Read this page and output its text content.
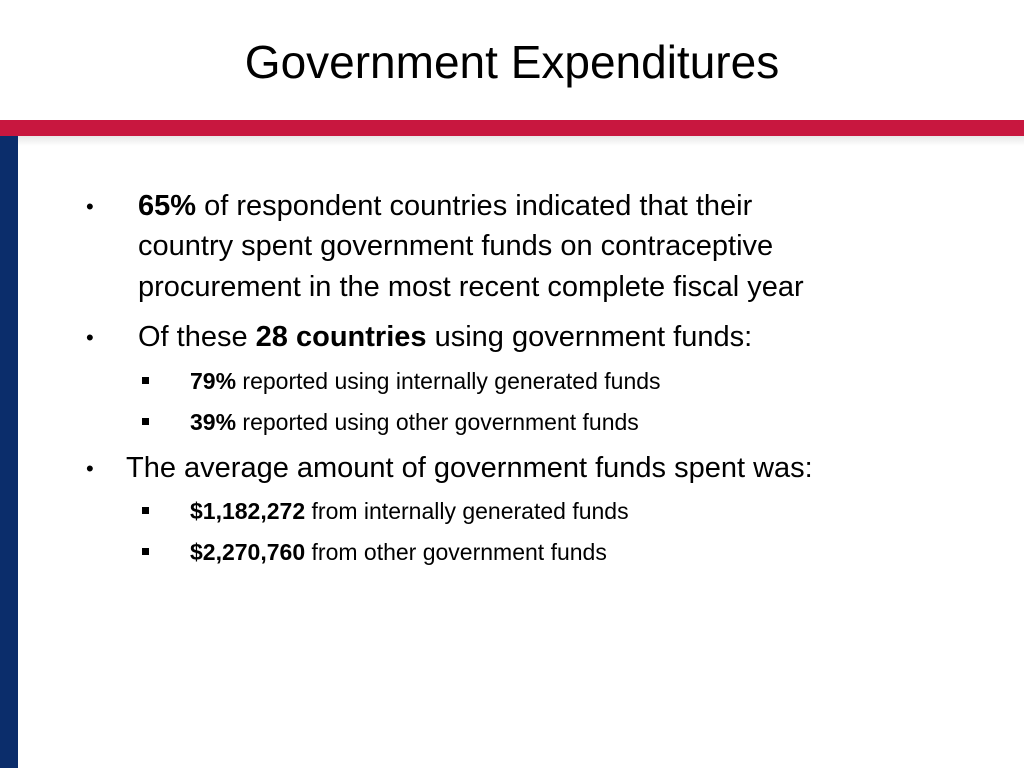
Government Expenditures
• 65% of respondent countries indicated that their
country spent government funds on contraceptive
procurement in the most recent complete fiscal year
• Of these 28 countries using government funds:
79% reported using internally generated funds
39% reported using other government funds
• The average amount of government funds spent was:
$1,182,272 from internally generated funds
$2,270,760 from other government funds
